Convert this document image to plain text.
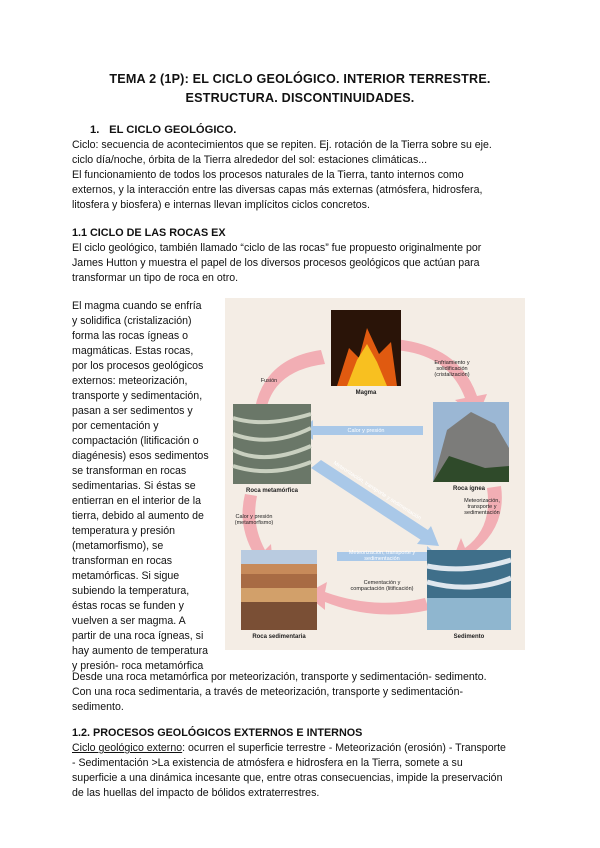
TEMA 2 (1P): EL CICLO GEOLÓGICO. INTERIOR TERRESTRE.
ESTRUCTURA. DISCONTINUIDADES.
1. EL CICLO GEOLÓGICO.
Ciclo: secuencia de acontecimientos que se repiten. Ej. rotación de la Tierra sobre su eje.
ciclo día/noche, órbita de la Tierra alrededor del sol: estaciones climáticas...
El funcionamiento de todos los procesos naturales de la Tierra, tanto internos como
externos, y la interacción entre las diversas capas más externas (atmósfera, hidrosfera,
litosfera y biosfera) e internas llevan implícitos ciclos concretos.
1.1 CICLO DE LAS ROCAS EX
El ciclo geológico, también llamado “ciclo de las rocas” fue propuesto originalmente por
James Hutton y muestra el papel de los diversos procesos geológicos que actúan para
transformar un tipo de roca en otro.
El magma cuando se enfría
y solidifica (cristalización)
forma las rocas ígneas o
magmáticas. Estas rocas,
por los procesos geológicos
externos: meteorización,
transporte y sedimentación,
pasan a ser sedimentos y
por cementación y
compactación (litificación o
diagénesis) esos sedimentos
se transforman en rocas
sedimentarias. Si éstas se
entierran en el interior de la
tierra, debido al aumento de
temperatura y presión
(metamorfismo), se
transforman en rocas
metamórficas. Si sigue
subiendo la temperatura,
éstas rocas se funden y
vuelven a ser magma. A
partir de una roca ígneas, si
hay aumento de temperatura
y presión- roca metamórfica
Magma
Fusión
Enfriamiento y solidificación (cristalización)
Roca metamórfica	Roca ígnea
Calor y presión
Meteorización, transporte y sedimentación	Meteorización, transporte y sedimentación
Calor y presión (metamorfismo)
Meteorización, transporte y sedimentación
Cementación y compactación (litificación)
Roca sedimentaria	Sedimento
Desde una roca metamórfica por meteorización, transporte y sedimentación- sedimento.
Con una roca sedimentaria, a través de meteorización, transporte y sedimentación-
sedimento.
1.2. PROCESOS GEOLÓGICOS EXTERNOS E INTERNOS
Ciclo geológico externo: ocurren el superficie terrestre - Meteorización (erosión) - Transporte
- Sedimentación >La existencia de atmósfera e hidrosfera en la Tierra, somete a su
superficie a una dinámica incesante que, entre otras consecuencias, impide la preservación
de las huellas del impacto de bólidos extraterrestres.
